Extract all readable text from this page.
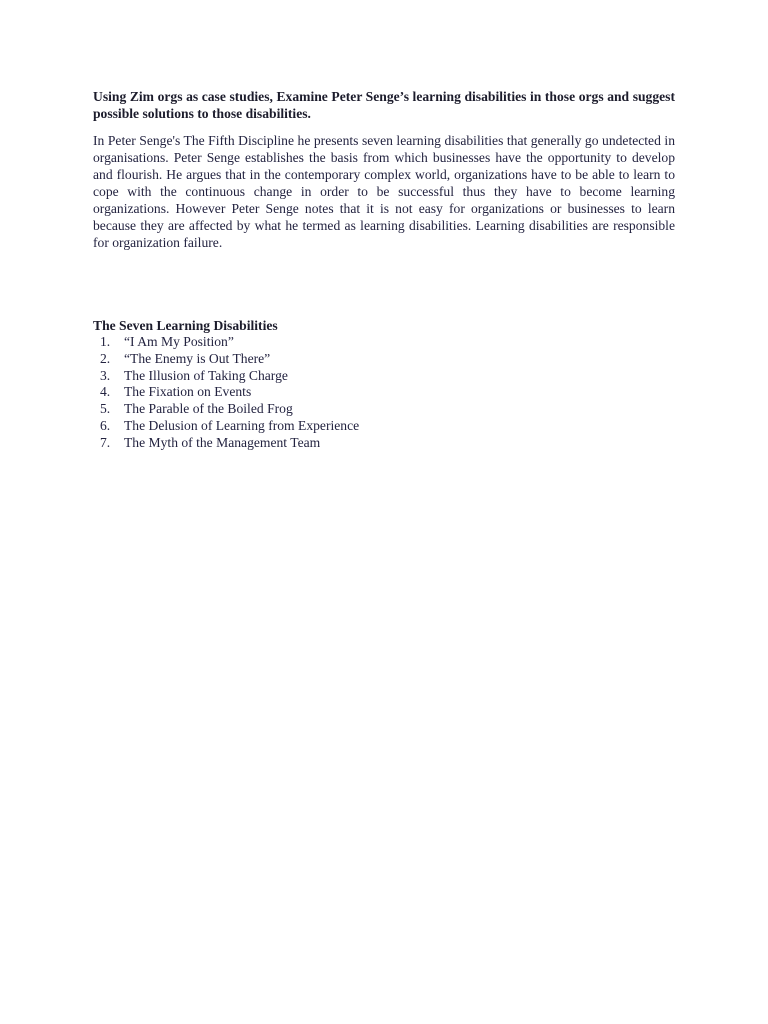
Using Zim orgs as case studies, Examine Peter Senge’s learning disabilities in those orgs and suggest possible solutions to those disabilities.

In Peter Senge's The Fifth Discipline he presents seven learning disabilities that generally go undetected in organisations. Peter Senge establishes the basis from which businesses have the opportunity to develop and flourish. He argues that in the contemporary complex world, organizations have to be able to learn to cope with the continuous change in order to be successful thus they have to become learning organizations. However Peter Senge notes that it is not easy for organizations or businesses to learn because they are affected by what he termed as learning disabilities. Learning disabilities are responsible for organization failure.

The Seven Learning Disabilities
1.	“I Am My Position”
2.	“The Enemy is Out There”
3.	The Illusion of Taking Charge
4.	The Fixation on Events
5.	The Parable of the Boiled Frog
6.	The Delusion of Learning from Experience
7.	The Myth of the Management Team
